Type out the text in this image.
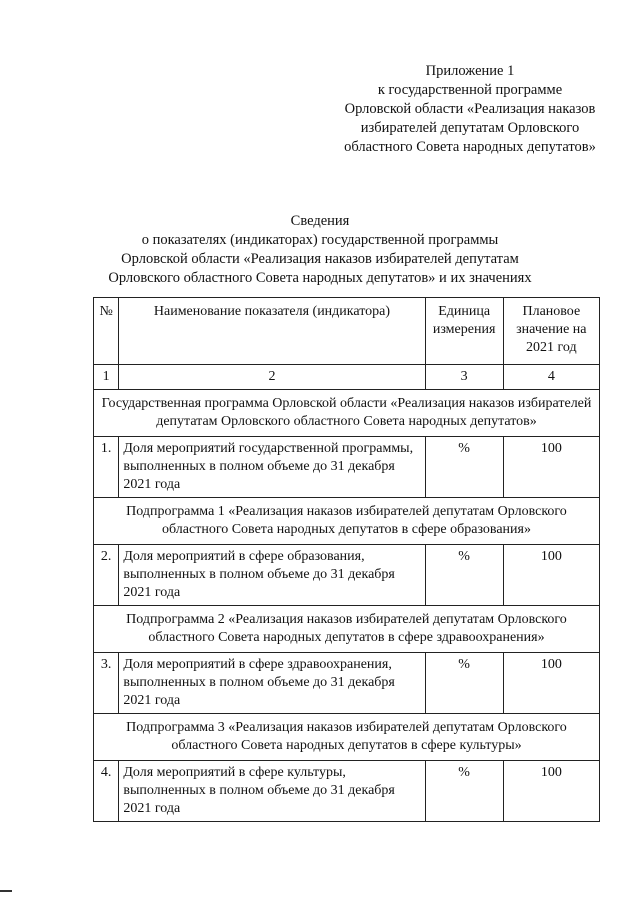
Приложение 1
к государственной программе
Орловской области «Реализация наказов
избирателей депутатам Орловского
областного Совета народных депутатов»
Сведения
о показателях (индикаторах) государственной программы
Орловской области «Реализация наказов избирателей депутатам
Орловского областного Совета народных депутатов» и их значениях
№	Наименование показателя (индикатора)	Единица измерения	Плановое значение на 2021 год
1	2	3	4
Государственная программа Орловской области «Реализация наказов избирателей депутатам Орловского областного Совета народных депутатов»			
1.	Доля мероприятий государственной программы, выполненных в полном объеме до 31 декабря 2021 года	%	100
Подпрограмма 1 «Реализация наказов избирателей депутатам Орловского областного Совета народных депутатов в сфере образования»			
2.	Доля мероприятий в сфере образования, выполненных в полном объеме до 31 декабря 2021 года	%	100
Подпрограмма 2 «Реализация наказов избирателей депутатам Орловского областного Совета народных депутатов в сфере здравоохранения»			
3.	Доля мероприятий в сфере здравоохранения, выполненных в полном объеме до 31 декабря 2021 года	%	100
Подпрограмма 3 «Реализация наказов избирателей депутатам Орловского областного Совета народных депутатов в сфере культуры»			
4.	Доля мероприятий в сфере культуры, выполненных в полном объеме до 31 декабря 2021 года	%	100
